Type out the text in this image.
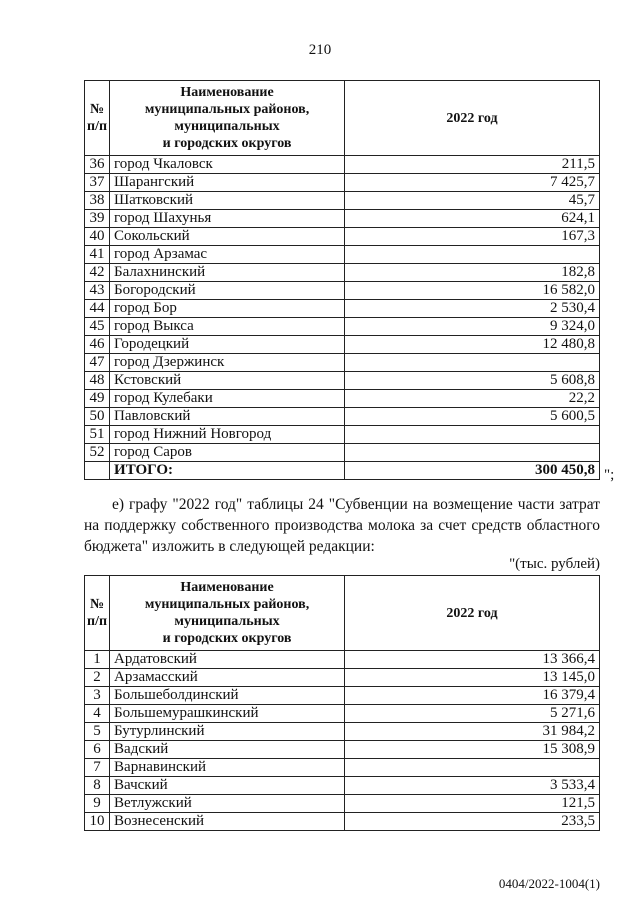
210
№
п/п	Наименование
муниципальных районов,
муниципальных
и городских округов	2022 год
36	город Чкаловск	211,5
37	Шарангский	7 425,7
38	Шатковский	45,7
39	город Шахунья	624,1
40	Сокольский	167,3
41	город Арзамас	
42	Балахнинский	182,8
43	Богородский	16 582,0
44	город Бор	2 530,4
45	город Выкса	9 324,0
46	Городецкий	12 480,8
47	город Дзержинск	
48	Кстовский	5 608,8
49	город Кулебаки	22,2
50	Павловский	5 600,5
51	город Нижний Новгород	
52	город Саров	
	ИТОГО:	300 450,8 ";
е) графу "2022 год" таблицы 24 "Субвенции на возмещение части затрат на поддержку собственного производства молока за счет средств областного бюджета" изложить в следующей редакции:
"(тыс. рублей)
№
п/п	Наименование
муниципальных районов,
муниципальных
и городских округов	2022 год
1	Ардатовский	13 366,4
2	Арзамасский	13 145,0
3	Большеболдинский	16 379,4
4	Большемурашкинский	5 271,6
5	Бутурлинский	31 984,2
6	Вадский	15 308,9
7	Варнавинский	
8	Вачский	3 533,4
9	Ветлужский	121,5
10	Вознесенский	233,5
0404/2022-1004(1)
